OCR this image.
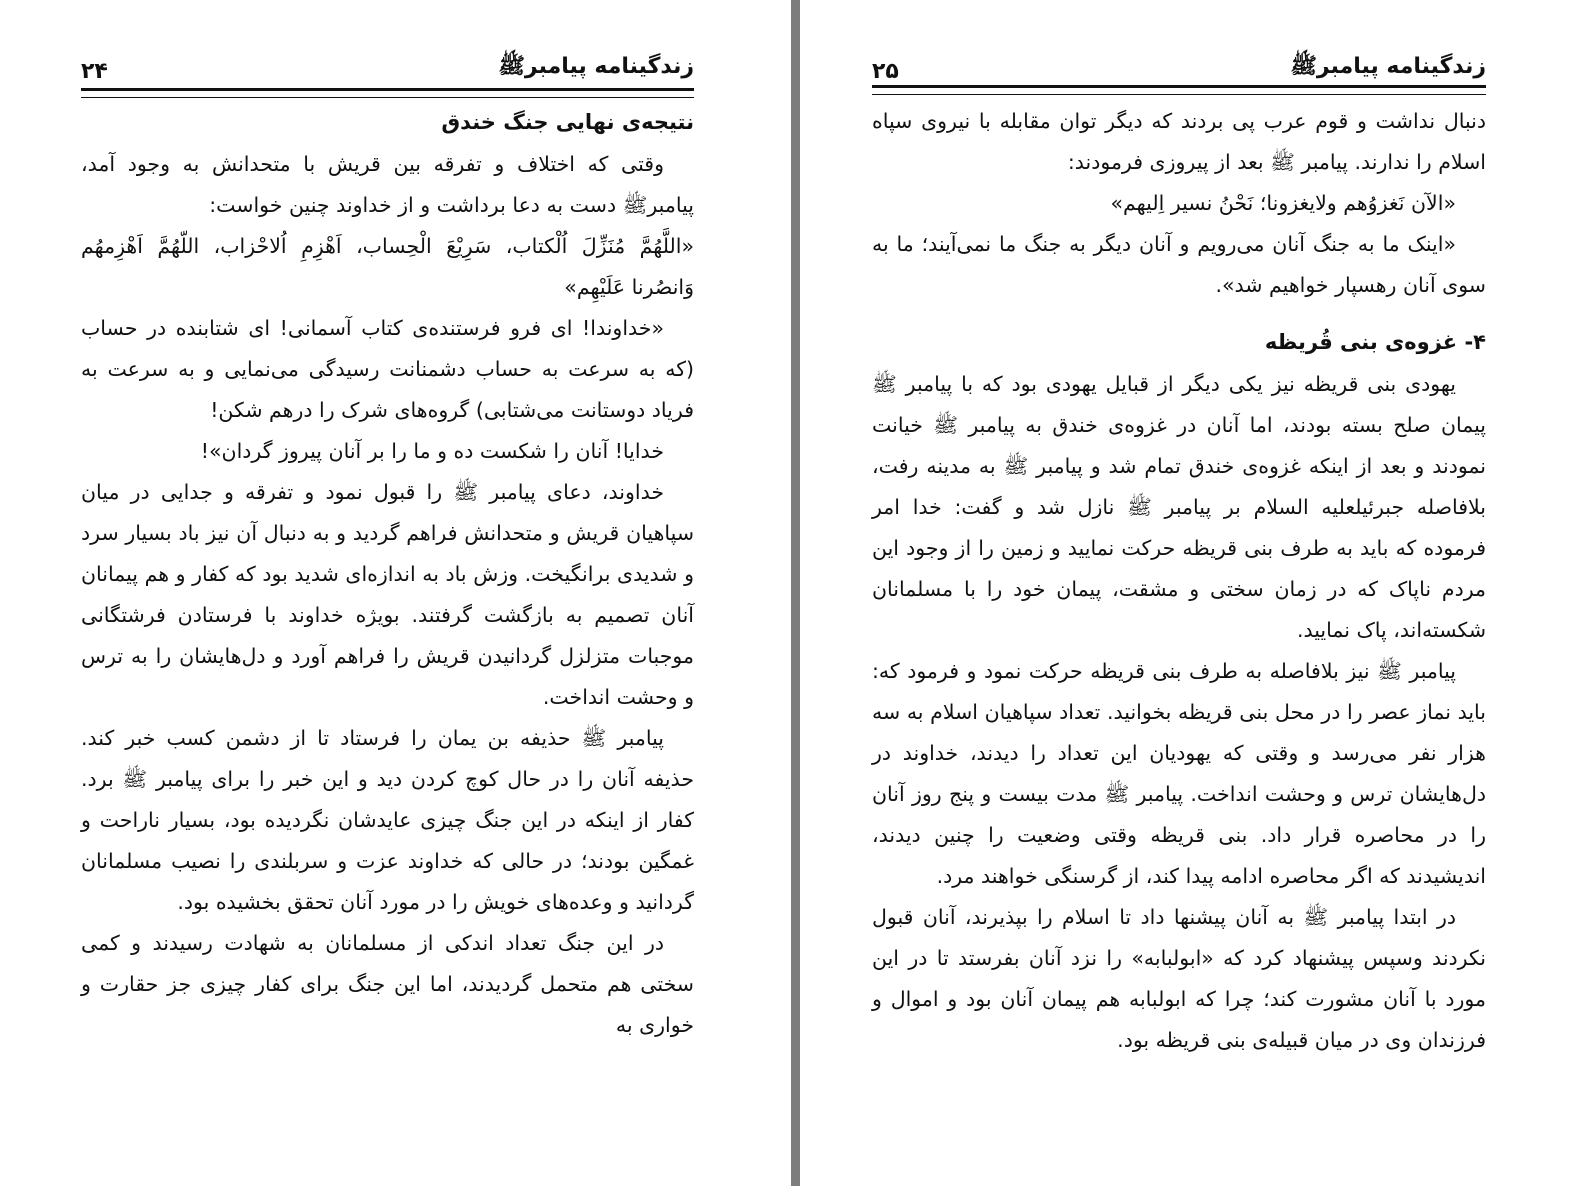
زندگینامه پیامبرﷺ
۲۴
نتیجه‌ی نهایی جنگ خندق

وقتی که اختلاف و تفرقه بین قریش با متحدانش به وجود آمد، پیامبرﷺ دست به دعا برداشت و از خداوند چنین خواست:

«اللَّهُمَّ مُنَزِّلَ اُلْكتاب، سَرِيْعَ الْحِساب، اَهْزِمِ اُلاحْزاب، اللّهُمَّ اَهْزِمهُم وَانصُرنا عَلَيْهِم»

«خداوندا! ای فرو فرستنده‌ی کتاب آسمانی! ای شتابنده در حساب (که به سرعت به حساب دشمنانت رسیدگی می‌نمایی و به سرعت به فریاد دوستانت می‌شتابی) گروه‌های شرک را درهم شکن!

خدایا! آنان را شکست ده و ما را بر آنان پیروز گردان»!

خداوند، دعای پیامبر ﷺ را قبول نمود و تفرقه و جدایی در میان سپاهیان قریش و متحدانش فراهم گردید و به دنبال آن نیز باد بسیار سرد و شدیدی برانگیخت. وزش باد به اندازه‌ای شدید بود که کفار و هم پیمانان آنان تصمیم به بازگشت گرفتند. بویژه خداوند با فرستادن فرشتگانی موجبات متزلزل گردانیدن قریش را فراهم آورد و دل‌هایشان را به ترس و وحشت انداخت.

پیامبر ﷺ حذیفه بن یمان را فرستاد تا از دشمن کسب خبر کند. حذیفه آنان را در حال کوچ کردن دید و این خبر را برای پیامبر ﷺ برد. کفار از اینکه در این جنگ چیزی عایدشان نگردیده بود، بسیار ناراحت و غمگین بودند؛ در حالی که خداوند عزت و سربلندی را نصیب مسلمانان گردانید و وعده‌های خویش را در مورد آنان تحقق بخشیده بود.

در این جنگ تعداد اندکی از مسلمانان به شهادت رسیدند و کمی سختی هم متحمل گردیدند، اما این جنگ برای کفار چیزی جز حقارت و خواری به

زندگینامه پیامبرﷺ
۲۵

دنبال نداشت و قوم عرب پی بردند که دیگر توان مقابله با نیروی سپاه اسلام را ندارند. پیامبر ﷺ بعد از پیروزی فرمودند:

«الآن نَغزوُهم ولایغزونا؛ نَحْنُ نسیر اِلیهم»

«اینک ما به جنگ آنان می‌رویم و آنان دیگر به جنگ ما نمی‌آیند؛ ما به سوی آنان رهسپار خواهیم شد».

۴- غزوه‌ی بنی قُریظه

یهودی بنی قریظه نیز یکی دیگر از قبایل یهودی بود که با پیامبر ﷺ پیمان صلح بسته بودند، اما آنان در غزوه‌ی خندق به پیامبر ﷺ خیانت نمودند و بعد از اینکه غزوه‌ی خندق تمام شد و پیامبر ﷺ به مدینه رفت، بلافاصله جبرئیلعليه السلام بر پیامبر ﷺ نازل شد و گفت: خدا امر فرموده که باید به طرف بنی قریظه حرکت نمایید و زمین را از وجود این مردم ناپاک که در زمان سختی و مشقت، پیمان خود را با مسلمانان شکسته‌اند، پاک نمایید.

پیامبر ﷺ نیز بلافاصله به طرف بنی قریظه حرکت نمود و فرمود که: باید نماز عصر را در محل بنی قریظه بخوانید. تعداد سپاهیان اسلام به سه هزار نفر می‌رسد و وقتی که یهودیان این تعداد را دیدند، خداوند در دل‌هایشان ترس و وحشت انداخت. پیامبر ﷺ مدت بیست و پنج روز آنان را در محاصره قرار داد. بنی قریظه وقتی وضعیت را چنین دیدند، اندیشیدند که اگر محاصره ادامه پیدا کند، از گرسنگی خواهند مرد.

در ابتدا پیامبر ﷺ به آنان پیشنها داد تا اسلام را بپذیرند، آنان قبول نکردند وسپس پیشنهاد کرد که «ابولبابه» را نزد آنان بفرستد تا در این مورد با آنان مشورت کند؛ چرا که ابولبابه هم پیمان آنان بود و اموال و فرزندان وی در میان قبیله‌ی بنی قریظه بود.
